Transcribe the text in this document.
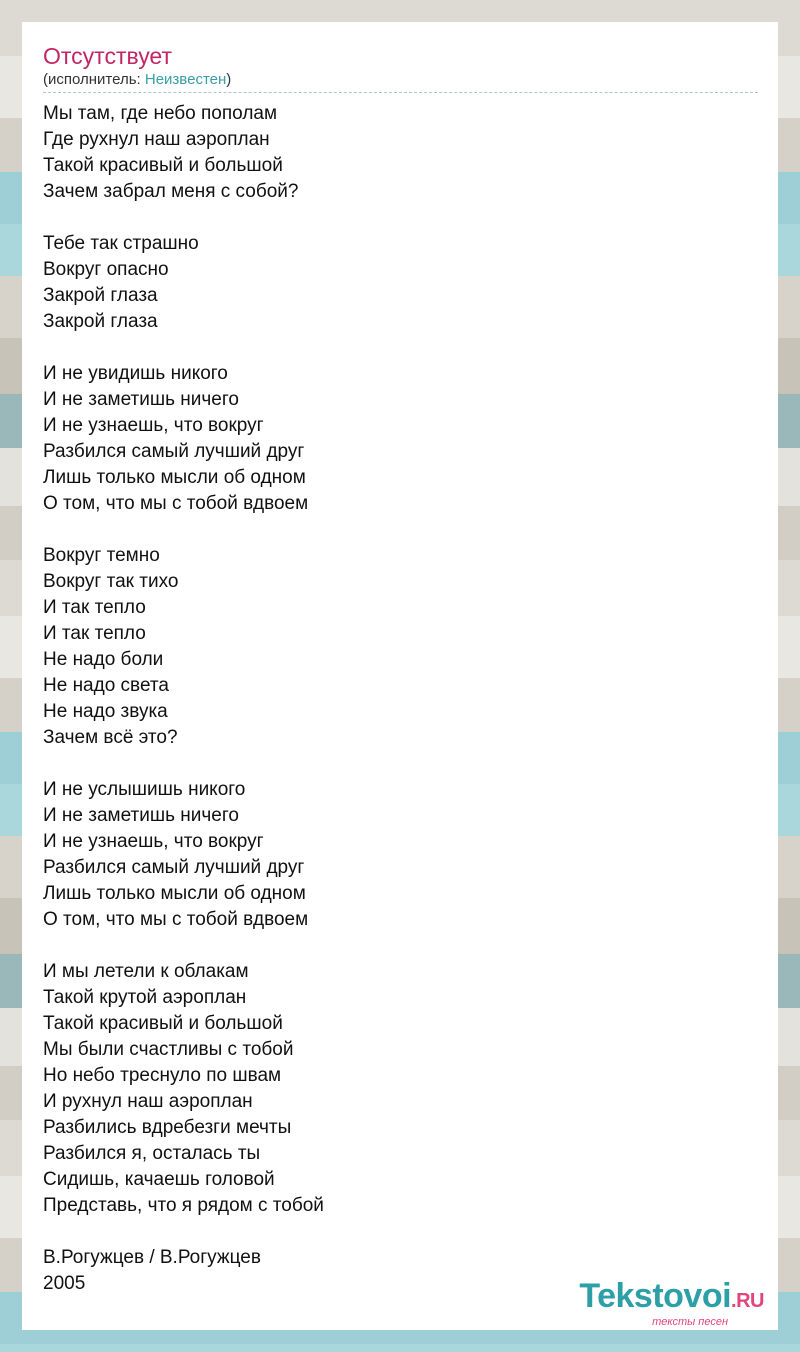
Отсутствует
(исполнитель: Неизвестен)
Мы там, где небо пополам
Где рухнул наш аэроплан
Такой красивый и большой
Зачем забрал меня с собой?
Тебе так страшно
Вокруг опасно
Закрой глаза
Закрой глаза
И не увидишь никого
И не заметишь ничего
И не узнаешь, что вокруг
Разбился самый лучший друг
Лишь только мысли об одном
О том, что мы с тобой вдвоем
Вокруг темно
Вокруг так тихо
И так тепло
И так тепло
Не надо боли
Не надо света
Не надо звука
Зачем всё это?
И не услышишь никого
И не заметишь ничего
И не узнаешь, что вокруг
Разбился самый лучший друг
Лишь только мысли об одном
О том, что мы с тобой вдвоем
И мы летели к облакам
Такой крутой аэроплан
Такой красивый и большой
Мы были счастливы с тобой
Но небо треснуло по швам
И рухнул наш аэроплан
Разбились вдребезги мечты
Разбился я, осталась ты
Сидишь, качаешь головой
Представь, что я рядом с тобой
В.Рогужцев / В.Рогужцев
2005	Tekstovoi.RU
тексты песен
